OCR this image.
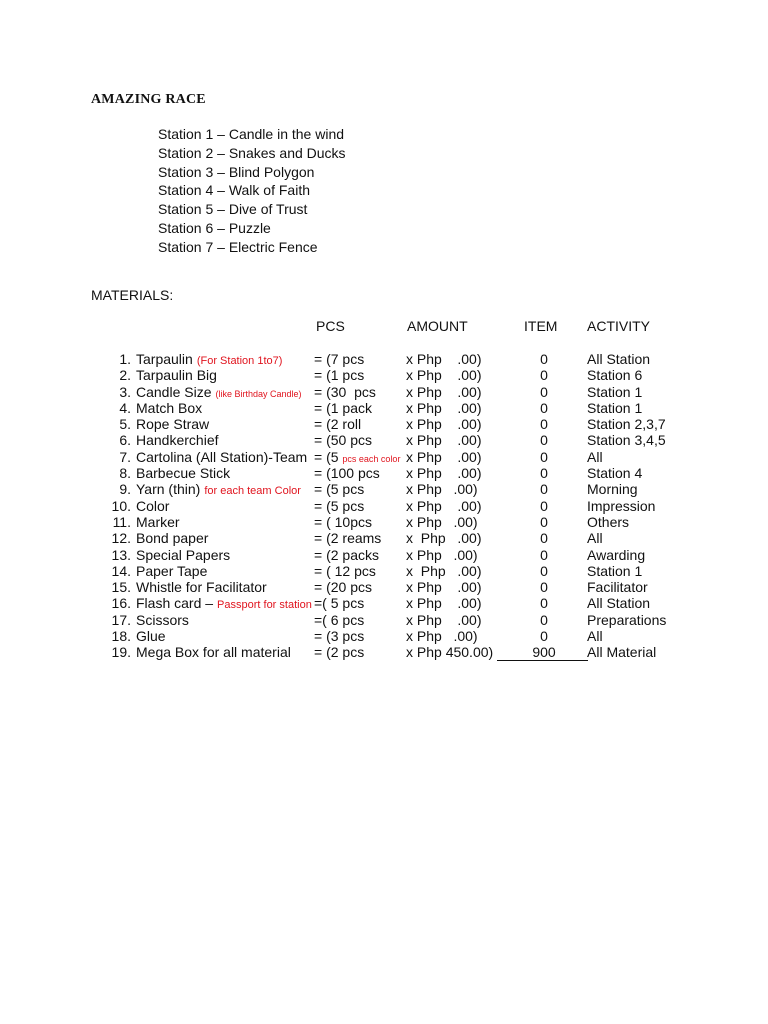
AMAZING RACE
Station 1 – Candle in the wind
Station 2 – Snakes and Ducks
Station 3 – Blind Polygon
Station 4 – Walk of Faith
Station 5 – Dive of Trust
Station 6 – Puzzle
Station 7 – Electric Fence
MATERIALS:
PCS	AMOUNT	ITEM ACTIVITY
1. Tarpaulin (For Station 1to7) = (7 pcs	x Php    .00)	0	All Station
2. Tarpaulin Big	= (1 pcs	x Php    .00)	0	Station 6
3. Candle Size (like Birthday Candle) = (30  pcs x Php    .00)	0	Station 1
4. Match Box	= (1 pack x Php    .00)	0	Station 1
5. Rope Straw	= (2 roll	x Php    .00)	0	Station 2,3,7
6. Handkerchief	= (50 pcs x Php    .00)	0	Station 3,4,5
7. Cartolina (All Station)-Team = (5 pcs each color x Php    .00)	0	All
8. Barbecue Stick	= (100 pcs x Php    .00)	0	Station 4
9. Yarn (thin) for each team Color = (5 pcs	x Php   .00)	0	Morning
10. Color	= (5 pcs	x Php    .00)	0	Impression
11. Marker	= ( 10pcs x Php   .00)	0	Others
12. Bond paper	= (2 reams x  Php   .00)	0	All
13. Special Papers	= (2 packs x Php   .00)	0	Awarding
14. Paper Tape	= ( 12 pcs x  Php   .00)	0	Station 1
15. Whistle for Facilitator	= (20 pcs x Php    .00)	0	Facilitator
16. Flash card – Passport for station =( 5 pcs	x Php    .00)	0	All Station
17. Scissors	=( 6 pcs	x Php    .00)	0	Preparations
18. Glue	= (3 pcs	x Php   .00)	0	All
19. Mega Box for all material = (2 pcs	x Php 450.00)	900	All Material
